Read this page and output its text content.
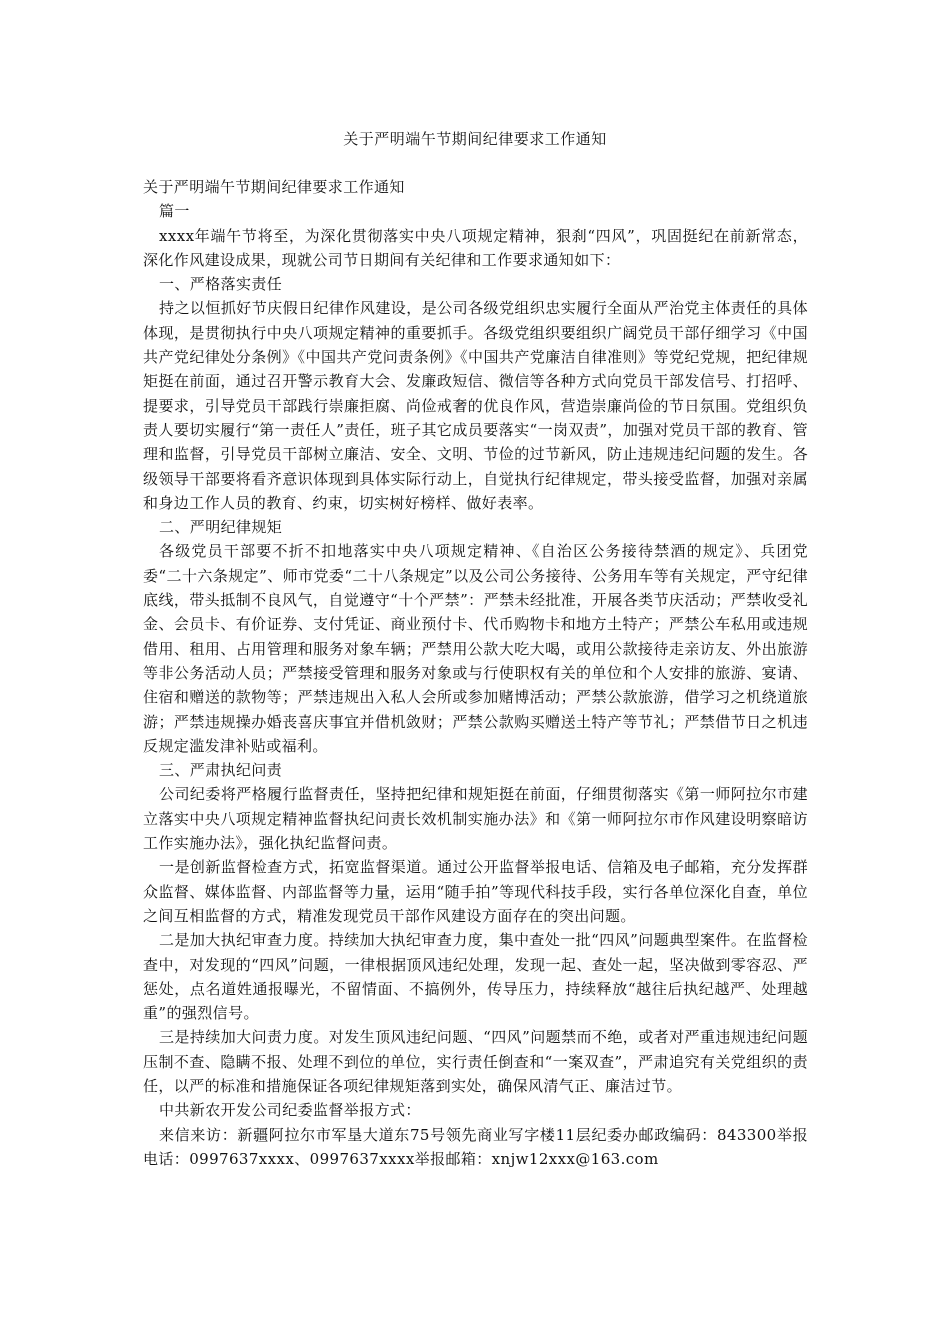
关于严明端午节期间纪律要求工作通知

关于严明端午节期间纪律要求工作通知

篇一

xxxx年端午节将至，为深化贯彻落实中央八项规定精神，狠刹“四风”，巩固挺纪在前新常态，深化作风建设成果，现就公司节日期间有关纪律和工作要求通知如下：

一、严格落实责任

持之以恒抓好节庆假日纪律作风建设，是公司各级党组织忠实履行全面从严治党主体责任的具体体现，是贯彻执行中央八项规定精神的重要抓手。各级党组织要组织广阔党员干部仔细学习《中国共产党纪律处分条例》《中国共产党问责条例》《中国共产党廉洁自律准则》等党纪党规，把纪律规矩挺在前面，通过召开警示教育大会、发廉政短信、微信等各种方式向党员干部发信号、打招呼、提要求，引导党员干部践行崇廉拒腐、尚俭戒奢的优良作风，营造崇廉尚俭的节日氛围。党组织负责人要切实履行“第一责任人”责任，班子其它成员要落实“一岗双责”，加强对党员干部的教育、管理和监督，引导党员干部树立廉洁、安全、文明、节俭的过节新风，防止违规违纪问题的发生。各级领导干部要将看齐意识体现到具体实际行动上，自觉执行纪律规定，带头接受监督，加强对亲属和身边工作人员的教育、约束，切实树好榜样、做好表率。

二、严明纪律规矩

各级党员干部要不折不扣地落实中央八项规定精神、《自治区公务接待禁酒的规定》、兵团党委“二十六条规定”、师市党委“二十八条规定”以及公司公务接待、公务用车等有关规定，严守纪律底线，带头抵制不良风气，自觉遵守“十个严禁”：严禁未经批准，开展各类节庆活动；严禁收受礼金、会员卡、有价证券、支付凭证、商业预付卡、代币购物卡和地方土特产；严禁公车私用或违规借用、租用、占用管理和服务对象车辆；严禁用公款大吃大喝，或用公款接待走亲访友、外出旅游等非公务活动人员；严禁接受管理和服务对象或与行使职权有关的单位和个人安排的旅游、宴请、住宿和赠送的款物等；严禁违规出入私人会所或参加赌博活动；严禁公款旅游，借学习之机绕道旅游；严禁违规操办婚丧喜庆事宜并借机敛财；严禁公款购买赠送土特产等节礼；严禁借节日之机违反规定滥发津补贴或福利。

三、严肃执纪问责

公司纪委将严格履行监督责任，坚持把纪律和规矩挺在前面，仔细贯彻落实《第一师阿拉尔市建立落实中央八项规定精神监督执纪问责长效机制实施办法》和《第一师阿拉尔市作风建设明察暗访工作实施办法》，强化执纪监督问责。

一是创新监督检查方式，拓宽监督渠道。通过公开监督举报电话、信箱及电子邮箱，充分发挥群众监督、媒体监督、内部监督等力量，运用“随手拍”等现代科技手段，实行各单位深化自查，单位之间互相监督的方式，精准发现党员干部作风建设方面存在的突出问题。

二是加大执纪审查力度。持续加大执纪审查力度，集中查处一批“四风”问题典型案件。在监督检查中，对发现的“四风”问题，一律根据顶风违纪处理，发现一起、查处一起，坚决做到零容忍、严惩处，点名道姓通报曝光，不留情面、不搞例外，传导压力，持续释放“越往后执纪越严、处理越重”的强烈信号。

三是持续加大问责力度。对发生顶风违纪问题、“四风”问题禁而不绝，或者对严重违规违纪问题压制不查、隐瞒不报、处理不到位的单位，实行责任倒查和“一案双查”，严肃追究有关党组织的责任，以严的标准和措施保证各项纪律规矩落到实处，确保风清气正、廉洁过节。

中共新农开发公司纪委监督举报方式：

来信来访：新疆阿拉尔市军垦大道东75号领先商业写字楼11层纪委办邮政编码：843300举报电话：0997637xxxx、0997637xxxx举报邮箱：xnjw12xxx@163.com
